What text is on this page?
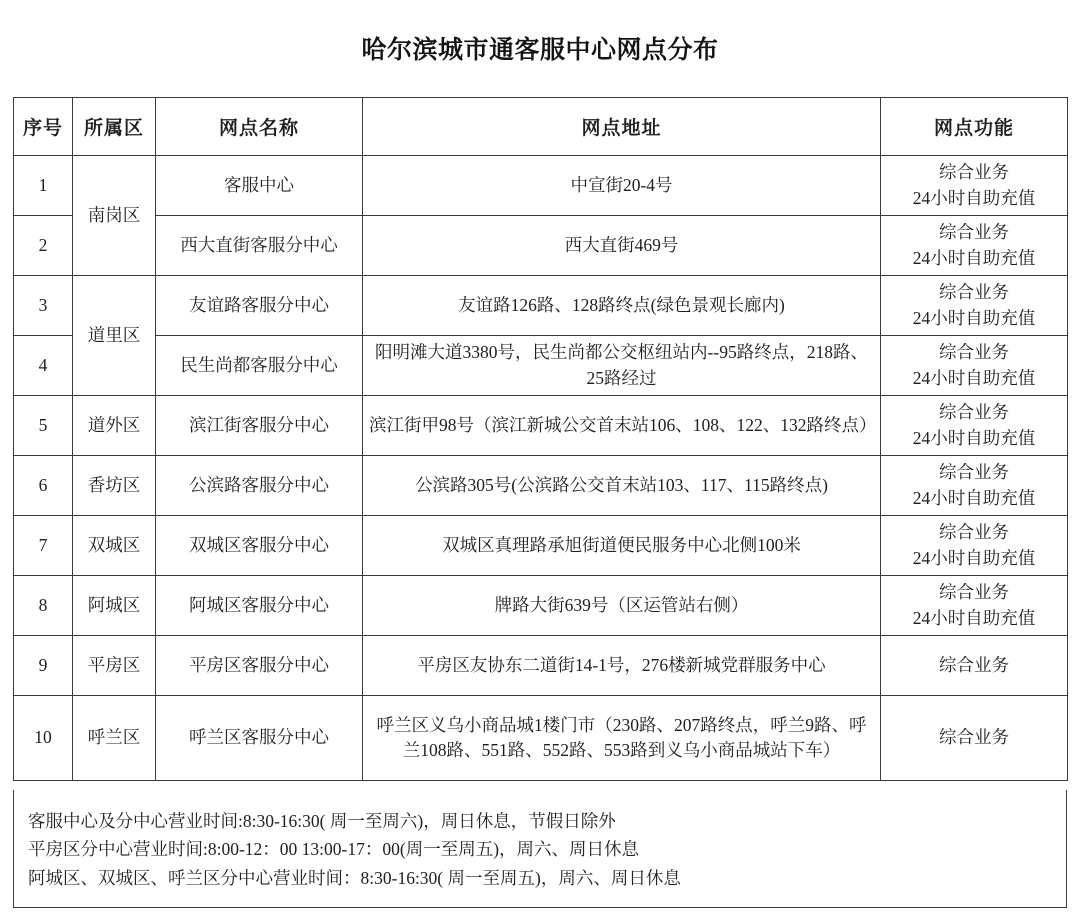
哈尔滨城市通客服中心网点分布
序号	所属区	网点名称	网点地址	网点功能
1	南岗区	客服中心	中宣街20-4号	综合业务
24小时自助充值

2		西大直街客服分中心	西大直街469号	综合业务
24小时自助充值

3	道里区	友谊路客服分中心	友谊路126路、128路终点(绿色景观长廊内)	综合业务
24小时自助充值

4		民生尚都客服分中心	阳明滩大道3380号，民生尚都公交枢纽站内--95路终点，218路、25路经过	综合业务
24小时自助充值

5	道外区	滨江街客服分中心	滨江街甲98号（滨江新城公交首末站106、108、122、132路终点）	综合业务
24小时自助充值

6	香坊区	公滨路客服分中心	公滨路305号(公滨路公交首末站103、117、115路终点)	综合业务
24小时自助充值

7	双城区	双城区客服分中心	双城区真理路承旭街道便民服务中心北侧100米	综合业务
24小时自助充值

8	阿城区	阿城区客服分中心	牌路大街639号（区运管站右侧）	综合业务
24小时自助充值

9	平房区	平房区客服分中心	平房区友协东二道街14-1号，276楼新城党群服务中心	综合业务

10	呼兰区	呼兰区客服分中心	呼兰区义乌小商品城1楼门市（230路、207路终点，呼兰9路、呼兰108路、551路、552路、553路到义乌小商品城站下车）	综合业务
客服中心及分中心营业时间:8:30-16:30( 周一至周六)，周日休息，节假日除外
平房区分中心营业时间:8:00-12：00 13:00-17：00(周一至周五)，周六、周日休息
阿城区、双城区、呼兰区分中心营业时间：8:30-16:30( 周一至周五)，周六、周日休息
